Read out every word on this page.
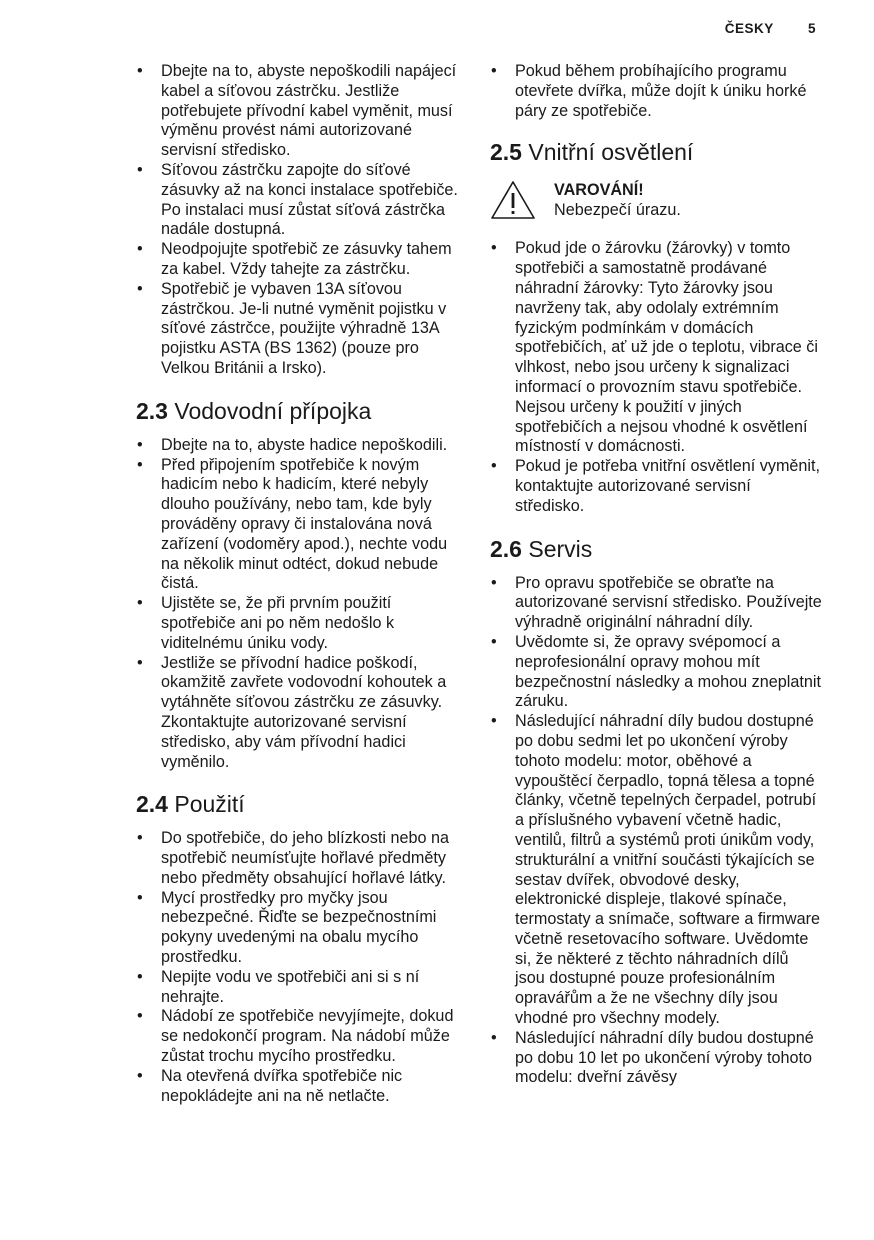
ČESKY	5
• Dbejte na to, abyste nepoškodili napájecí kabel a síťovou zástrčku. Jestliže potřebujete přívodní kabel vyměnit, musí výměnu provést námi autorizované servisní středisko.
• Síťovou zástrčku zapojte do síťové zásuvky až na konci instalace spotřebiče. Po instalaci musí zůstat síťová zástrčka nadále dostupná.
• Neodpojujte spotřebič ze zásuvky tahem za kabel. Vždy tahejte za zástrčku.
• Spotřebič je vybaven 13A síťovou zástrčkou. Je-li nutné vyměnit pojistku v síťové zástrčce, použijte výhradně 13A pojistku ASTA (BS 1362) (pouze pro Velkou Británii a Irsko).
2.3 Vodovodní přípojka
• Dbejte na to, abyste hadice nepoškodili.
• Před připojením spotřebiče k novým hadicím nebo k hadicím, které nebyly dlouho používány, nebo tam, kde byly prováděny opravy či instalována nová zařízení (vodoměry apod.), nechte vodu na několik minut odtéct, dokud nebude čistá.
• Ujistěte se, že při prvním použití spotřebiče ani po něm nedošlo k viditelnému úniku vody.
• Jestliže se přívodní hadice poškodí, okamžitě zavřete vodovodní kohoutek a vytáhněte síťovou zástrčku ze zásuvky. Zkontaktujte autorizované servisní středisko, aby vám přívodní hadici vyměnilo.
2.4 Použití
• Do spotřebiče, do jeho blízkosti nebo na spotřebič neumísťujte hořlavé předměty nebo předměty obsahující hořlavé látky.
• Mycí prostředky pro myčky jsou nebezpečné. Řiďte se bezpečnostními pokyny uvedenými na obalu mycího prostředku.
• Nepijte vodu ve spotřebiči ani si s ní nehrajte.
• Nádobí ze spotřebiče nevyjímejte, dokud se nedokončí program. Na nádobí může zůstat trochu mycího prostředku.
• Na otevřená dvířka spotřebiče nic nepokládejte ani na ně netlačte.
• Pokud během probíhajícího programu otevřete dvířka, může dojít k úniku horké páry ze spotřebiče.
2.5 Vnitřní osvětlení
VAROVÁNÍ!
Nebezpečí úrazu.
• Pokud jde o žárovku (žárovky) v tomto spotřebiči a samostatně prodávané náhradní žárovky: Tyto žárovky jsou navrženy tak, aby odolaly extrémním fyzickým podmínkám v domácích spotřebičích, ať už jde o teplotu, vibrace či vlhkost, nebo jsou určeny k signalizaci informací o provozním stavu spotřebiče. Nejsou určeny k použití v jiných spotřebičích a nejsou vhodné k osvětlení místností v domácnosti.
• Pokud je potřeba vnitřní osvětlení vyměnit, kontaktujte autorizované servisní středisko.
2.6 Servis
• Pro opravu spotřebiče se obraťte na autorizované servisní středisko. Používejte výhradně originální náhradní díly.
• Uvědomte si, že opravy svépomocí a neprofesionální opravy mohou mít bezpečnostní následky a mohou zneplatnit záruku.
• Následující náhradní díly budou dostupné po dobu sedmi let po ukončení výroby tohoto modelu: motor, oběhové a vypouštěcí čerpadlo, topná tělesa a topné články, včetně tepelných čerpadel, potrubí a příslušného vybavení včetně hadic, ventilů, filtrů a systémů proti únikům vody, strukturální a vnitřní součásti týkajících se sestav dvířek, obvodové desky, elektronické displeje, tlakové spínače, termostaty a snímače, software a firmware včetně resetovacího software. Uvědomte si, že některé z těchto náhradních dílů jsou dostupné pouze profesionálním opravářům a že ne všechny díly jsou vhodné pro všechny modely.
• Následující náhradní díly budou dostupné po dobu 10 let po ukončení výroby tohoto modelu: dveřní závěsy
